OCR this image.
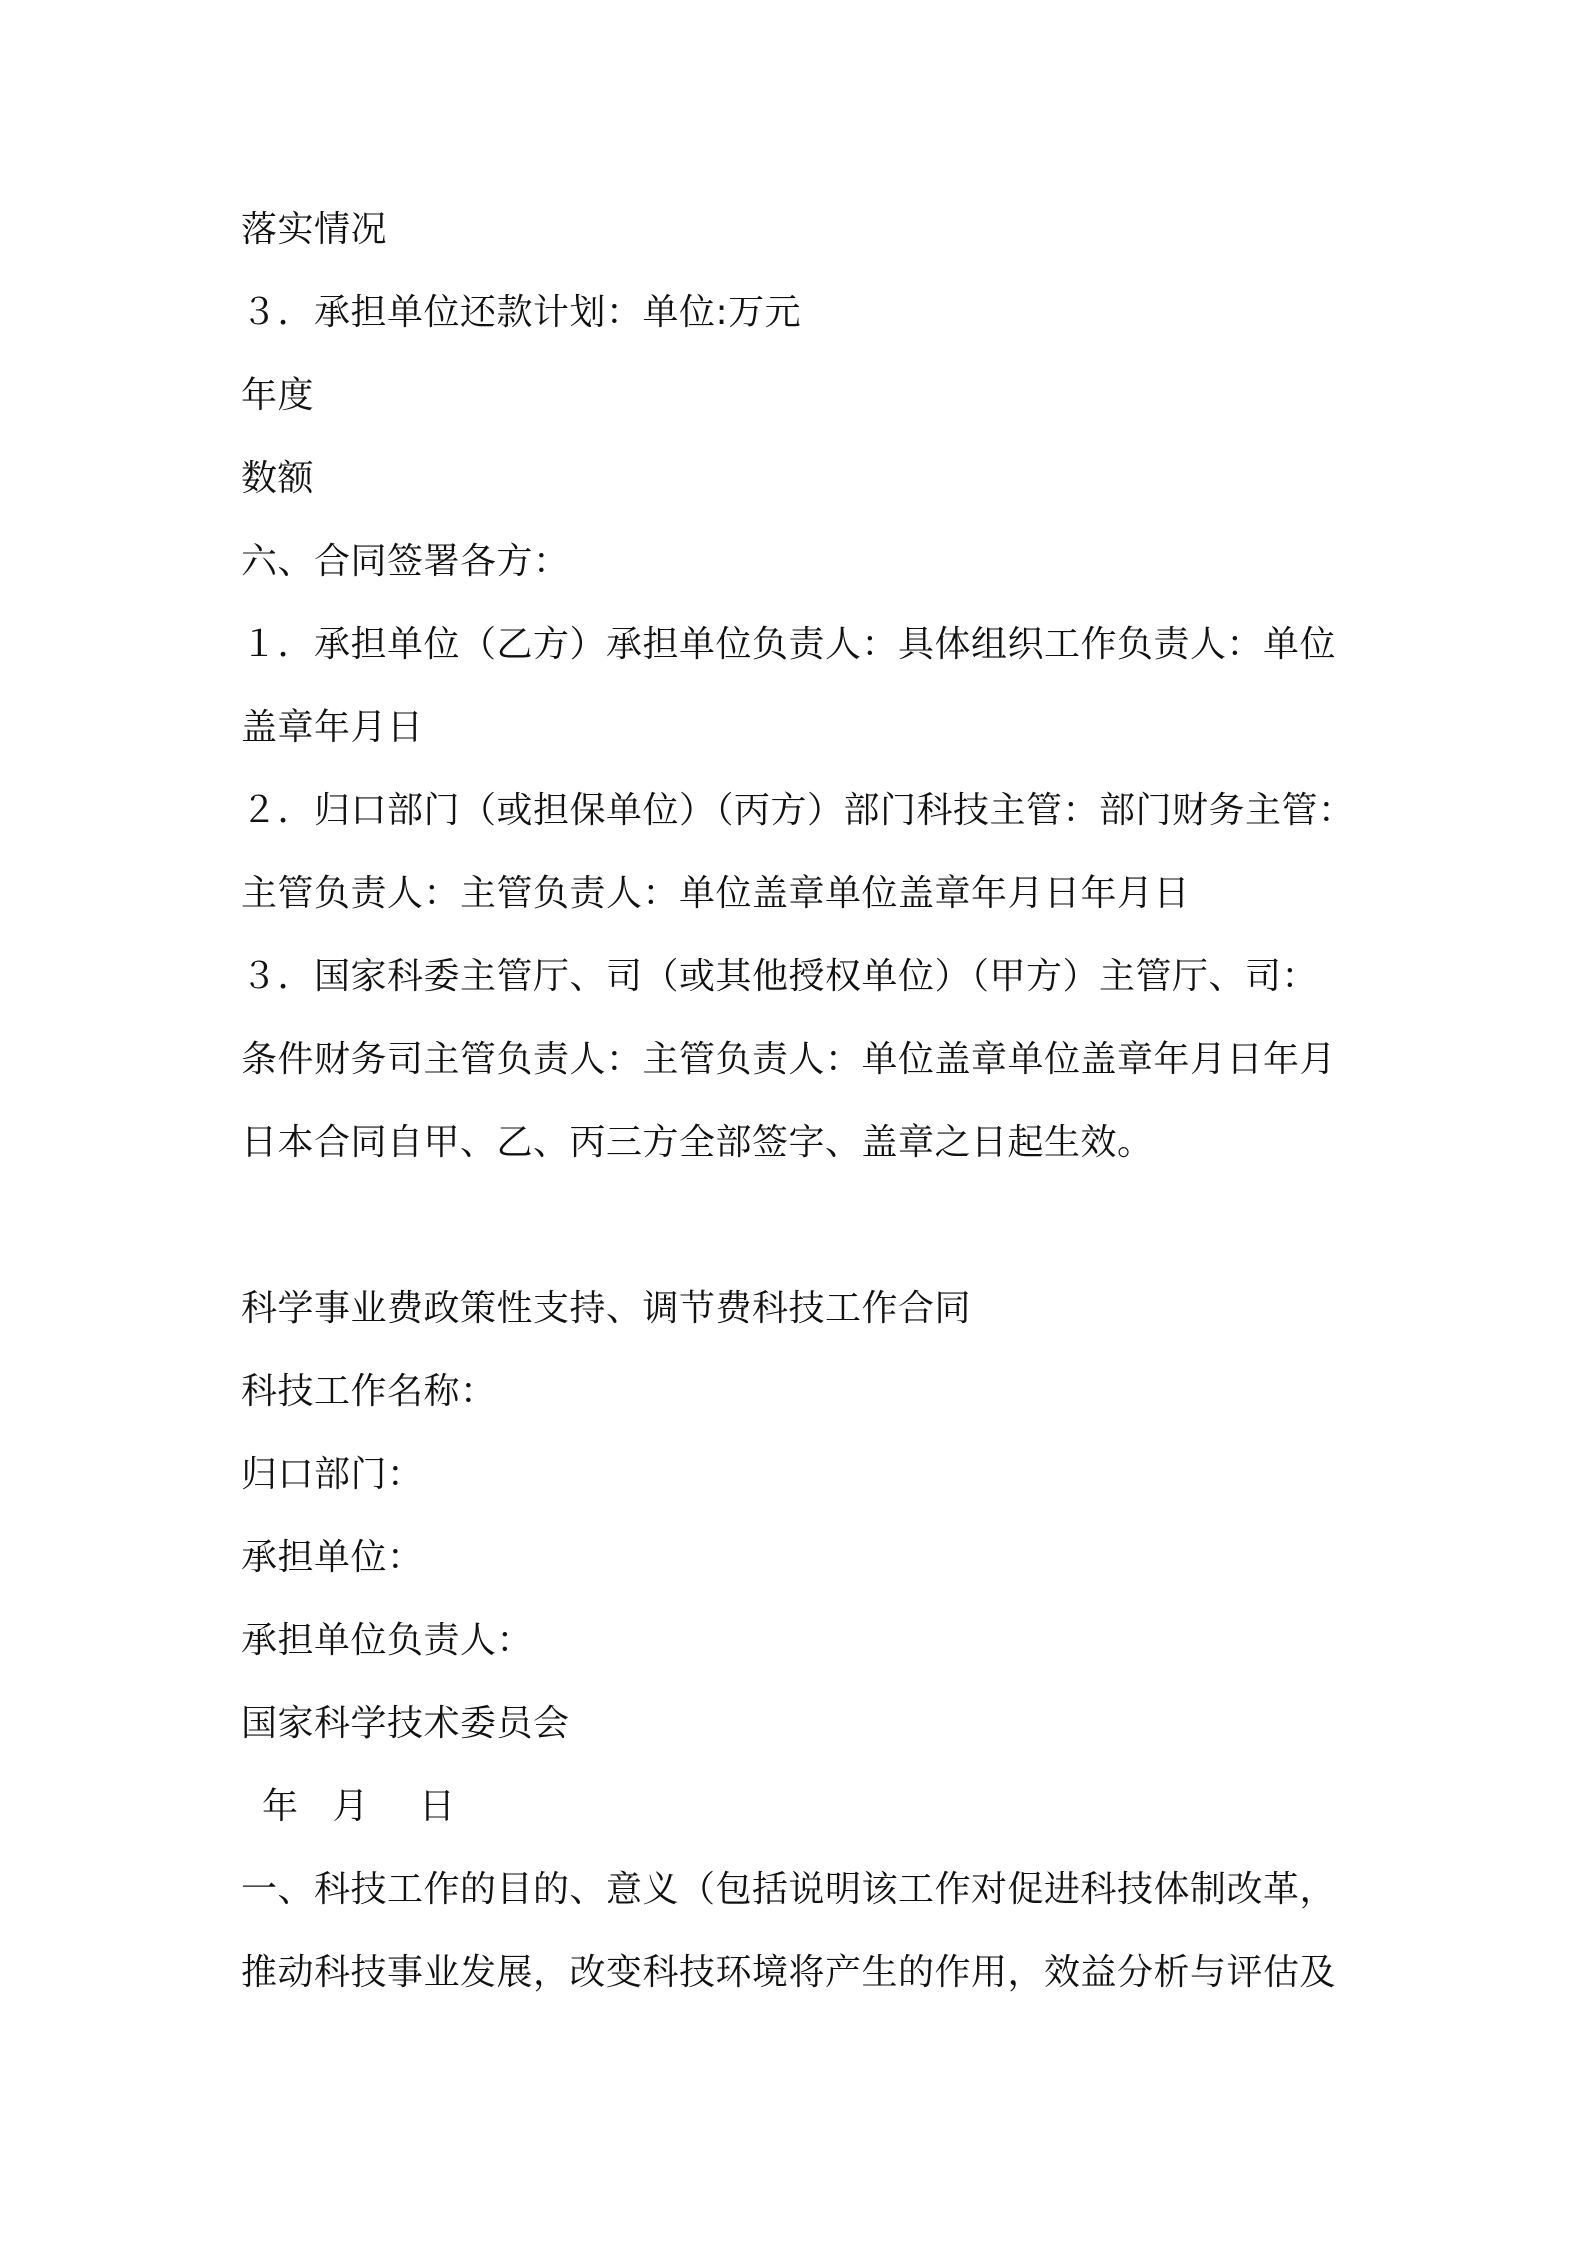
落实情况
３．承担单位还款计划：单位:万元
年度
数额
六、合同签署各方：
１．承担单位（乙方）承担单位负责人：具体组织工作负责人：单位
盖章年月日
２．归口部门（或担保单位）（丙方）部门科技主管：部门财务主管：
主管负责人：主管负责人：单位盖章单位盖章年月日年月日
３．国家科委主管厅、司（或其他授权单位）（甲方）主管厅、司：
条件财务司主管负责人：主管负责人：单位盖章单位盖章年月日年月
日本合同自甲、乙、丙三方全部签字、盖章之日起生效。
科学事业费政策性支持、调节费科技工作合同
科技工作名称：
归口部门：
承担单位：
承担单位负责人：
国家科学技术委员会
年 月 日
一、科技工作的目的、意义（包括说明该工作对促进科技体制改革，
推动科技事业发展，改变科技环境将产生的作用，效益分析与评估及
